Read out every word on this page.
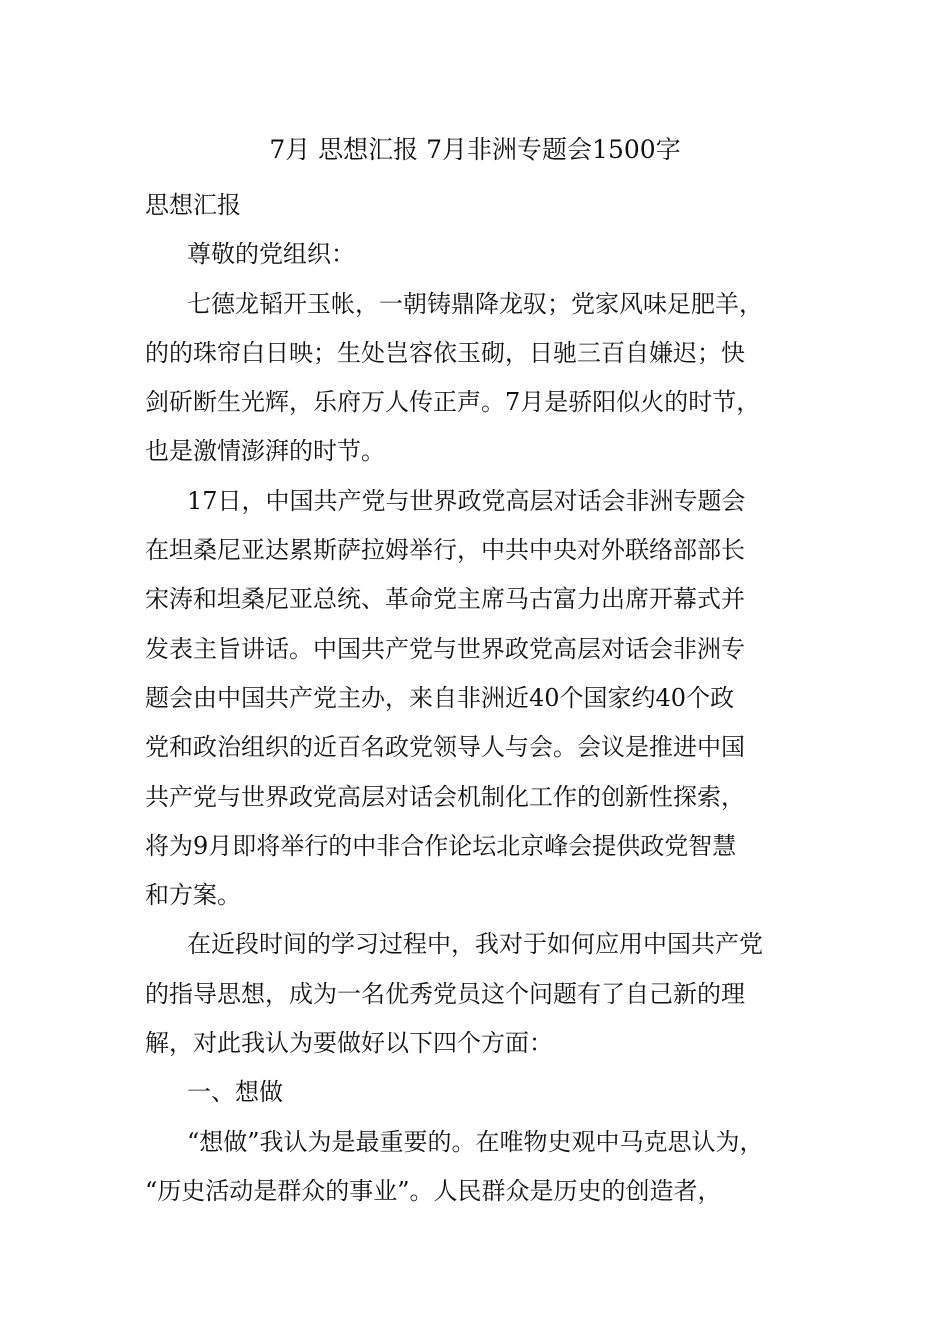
7月 思想汇报 7月非洲专题会1500字
思想汇报
尊敬的党组织：

七德龙韬开玉帐，一朝铸鼎降龙驭；党家风味足肥羊，
的的珠帘白日映；生处岂容依玉砌，日驰三百自嫌迟；快
剑斫断生光辉，乐府万人传正声。7月是骄阳似火的时节，
也是激情澎湃的时节。

17日，中国共产党与世界政党高层对话会非洲专题会
在坦桑尼亚达累斯萨拉姆举行，中共中央对外联络部部长
宋涛和坦桑尼亚总统、革命党主席马古富力出席开幕式并
发表主旨讲话。中国共产党与世界政党高层对话会非洲专
题会由中国共产党主办，来自非洲近40个国家约40个政
党和政治组织的近百名政党领导人与会。会议是推进中国
共产党与世界政党高层对话会机制化工作的创新性探索，
将为9月即将举行的中非合作论坛北京峰会提供政党智慧
和方案。

在近段时间的学习过程中，我对于如何应用中国共产党
的指导思想，成为一名优秀党员这个问题有了自己新的理
解，对此我认为要做好以下四个方面：

一、想做

“想做”我认为是最重要的。在唯物史观中马克思认为，
“历史活动是群众的事业”。人民群众是历史的创造者，
